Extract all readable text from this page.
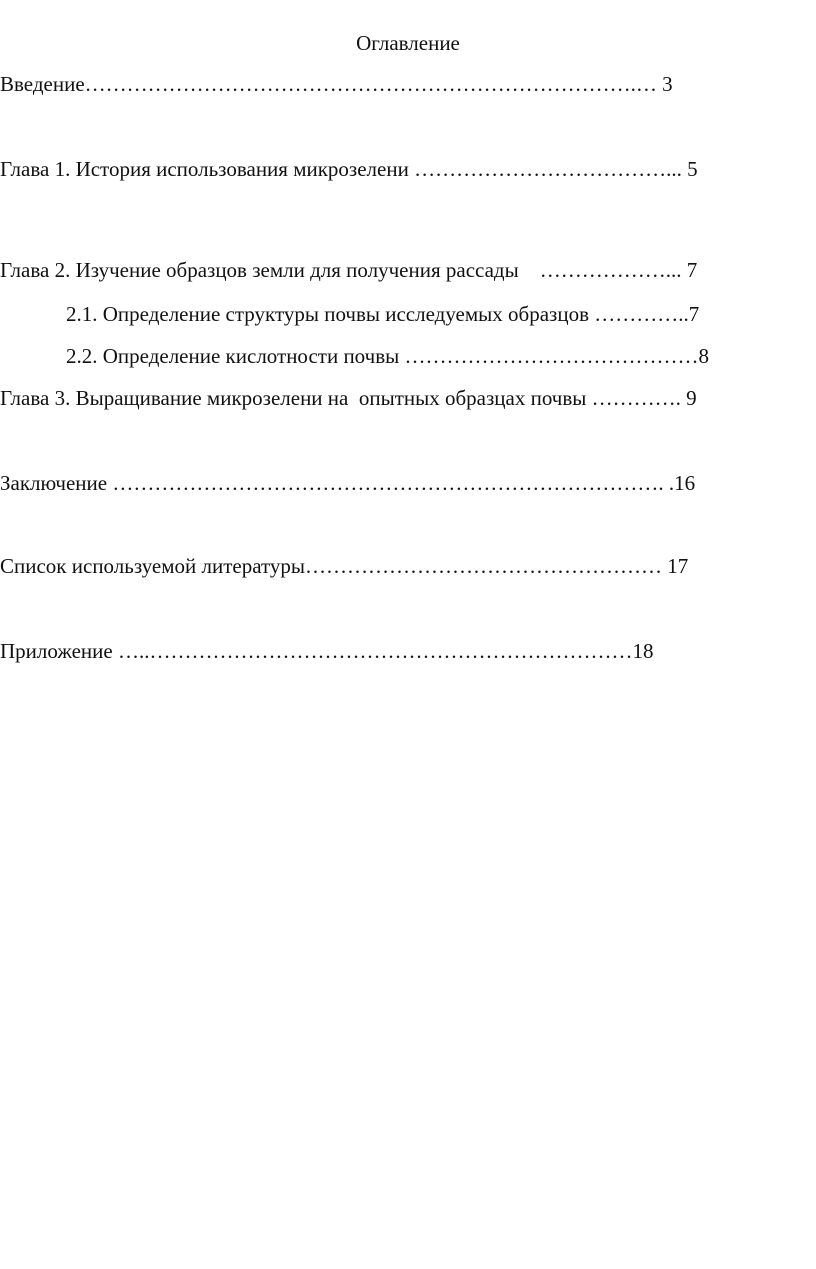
Оглавление
Введение…………………………………………………………………….… 3
Глава 1. История использования микрозелени ………………………………... 5
Глава 2. Изучение образцов земли для получения рассады    ………………... 7
2.1. Определение структуры почвы исследуемых образцов …………..7
2.2. Определение кислотности почвы ……………………………………8
Глава 3. Выращивание микрозелени на  опытных образцах почвы …………. 9
Заключение ……………………………………………………………………. .16
Список используемой литературы…………………………………………… 17
Приложение …..……………………………………………………………18
